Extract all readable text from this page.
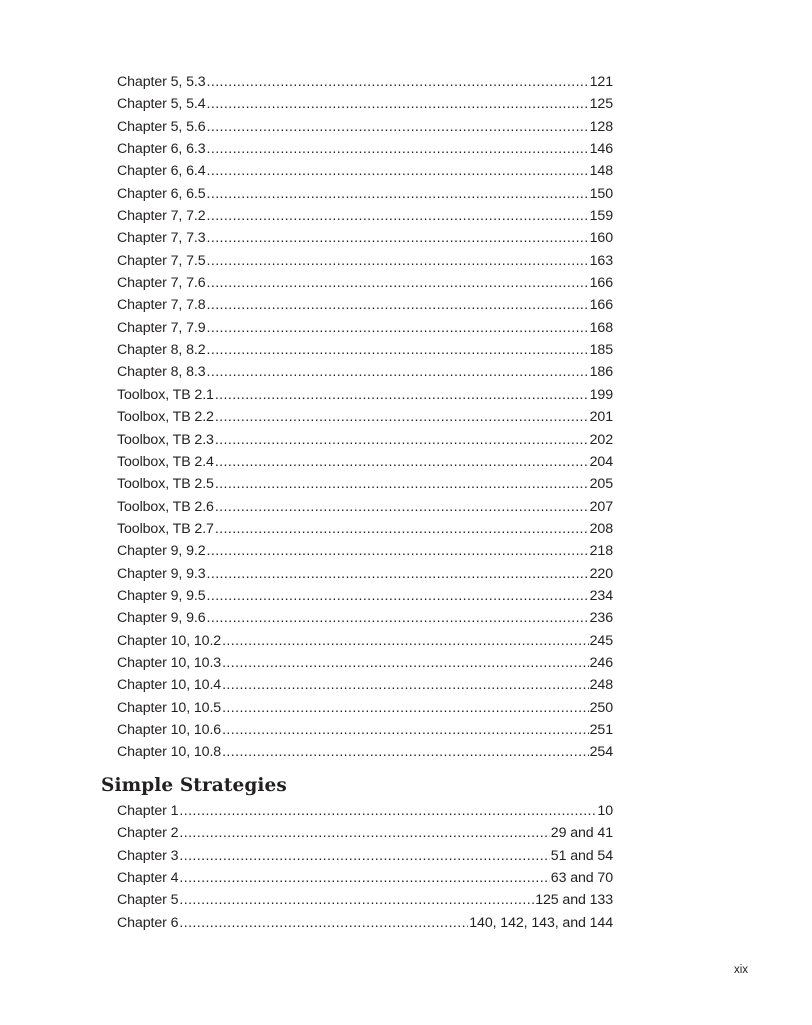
Chapter 5, 5.3 .....	121
Chapter 5, 5.4 .....	125
Chapter 5, 5.6 .....	128
Chapter 6, 6.3 .....	146
Chapter 6, 6.4 .....	148
Chapter 6, 6.5 .....	150
Chapter 7, 7.2 .....	159
Chapter 7, 7.3 .....	160
Chapter 7, 7.5 .....	163
Chapter 7, 7.6 .....	166
Chapter 7, 7.8 .....	166
Chapter 7, 7.9 .....	168
Chapter 8, 8.2 .....	185
Chapter 8, 8.3 .....	186
Toolbox, TB 2.1 .....	199
Toolbox, TB 2.2 .....	201
Toolbox, TB 2.3 .....	202
Toolbox, TB 2.4 .....	204
Toolbox, TB 2.5 .....	205
Toolbox, TB 2.6 .....	207
Toolbox, TB 2.7 .....	208
Chapter 9, 9.2 .....	218
Chapter 9, 9.3 .....	220
Chapter 9, 9.5 .....	234
Chapter 9, 9.6 .....	236
Chapter 10, 10.2 .....	245
Chapter 10, 10.3 .....	246
Chapter 10, 10.4 .....	248
Chapter 10, 10.5 .....	250
Chapter 10, 10.6 .....	251
Chapter 10, 10.8 .....	254
Simple Strategies
Chapter 1 .....	10
Chapter 2 .....	29 and 41
Chapter 3 .....	51 and 54
Chapter 4 .....	63 and 70
Chapter 5 .....	125 and 133
Chapter 6 .....	140, 142, 143, and 144
xix
